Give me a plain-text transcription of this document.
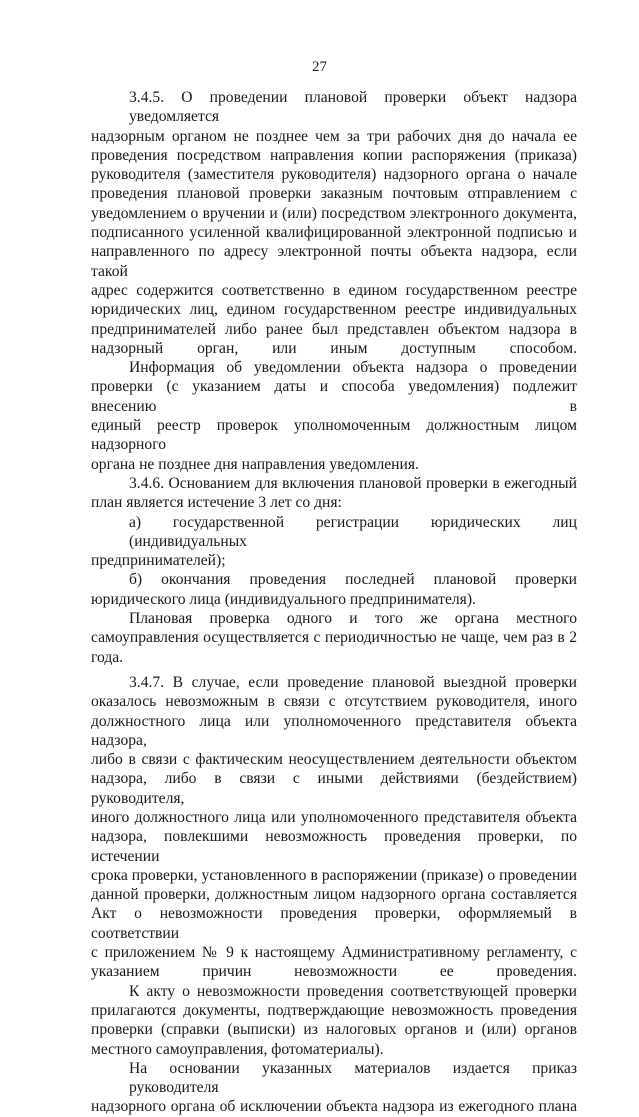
27
3.4.5. О проведении плановой проверки объект надзора уведомляется
надзорным органом не позднее чем за три рабочих дня до начала ее
проведения посредством направления копии распоряжения (приказа)
руководителя (заместителя руководителя) надзорного органа о начале
проведения плановой проверки заказным почтовым отправлением с
уведомлением о вручении и (или) посредством электронного документа,
подписанного усиленной квалифицированной электронной подписью и
направленного по адресу электронной почты объекта надзора, если такой
адрес содержится соответственно в едином государственном реестре
юридических лиц, едином государственном реестре индивидуальных
предпринимателей либо ранее был представлен объектом надзора в
надзорный орган, или иным доступным способом.
Информация об уведомлении объекта надзора о проведении
проверки (с указанием даты и способа уведомления) подлежит внесению в
единый реестр проверок уполномоченным должностным лицом надзорного
органа не позднее дня направления уведомления.
3.4.6. Основанием для включения плановой проверки в ежегодный
план является истечение 3 лет со дня:
а) государственной регистрации юридических лиц (индивидуальных
предпринимателей);
б) окончания проведения последней плановой проверки
юридического лица (индивидуального предпринимателя).
Плановая проверка одного и того же органа местного
самоуправления осуществляется с периодичностью не чаще, чем раз в 2
года.
3.4.7. В случае, если проведение плановой выездной проверки
оказалось невозможным в связи с отсутствием руководителя, иного
должностного лица или уполномоченного представителя объекта надзора,
либо в связи с фактическим неосуществлением деятельности объектом
надзора, либо в связи с иными действиями (бездействием) руководителя,
иного должностного лица или уполномоченного представителя объекта
надзора, повлекшими невозможность проведения проверки, по истечении
срока проверки, установленного в распоряжении (приказе) о проведении
данной проверки, должностным лицом надзорного органа составляется
Акт о невозможности проведения проверки, оформляемый в соответствии
с приложением № 9 к настоящему Административному регламенту, с
указанием причин невозможности ее проведения.
К акту о невозможности проведения соответствующей проверки
прилагаются документы, подтверждающие невозможность проведения
проверки (справки (выписки) из налоговых органов и (или) органов
местного самоуправления, фотоматериалы).
На основании указанных материалов издается приказ руководителя
надзорного органа об исключении объекта надзора из ежегодного плана
